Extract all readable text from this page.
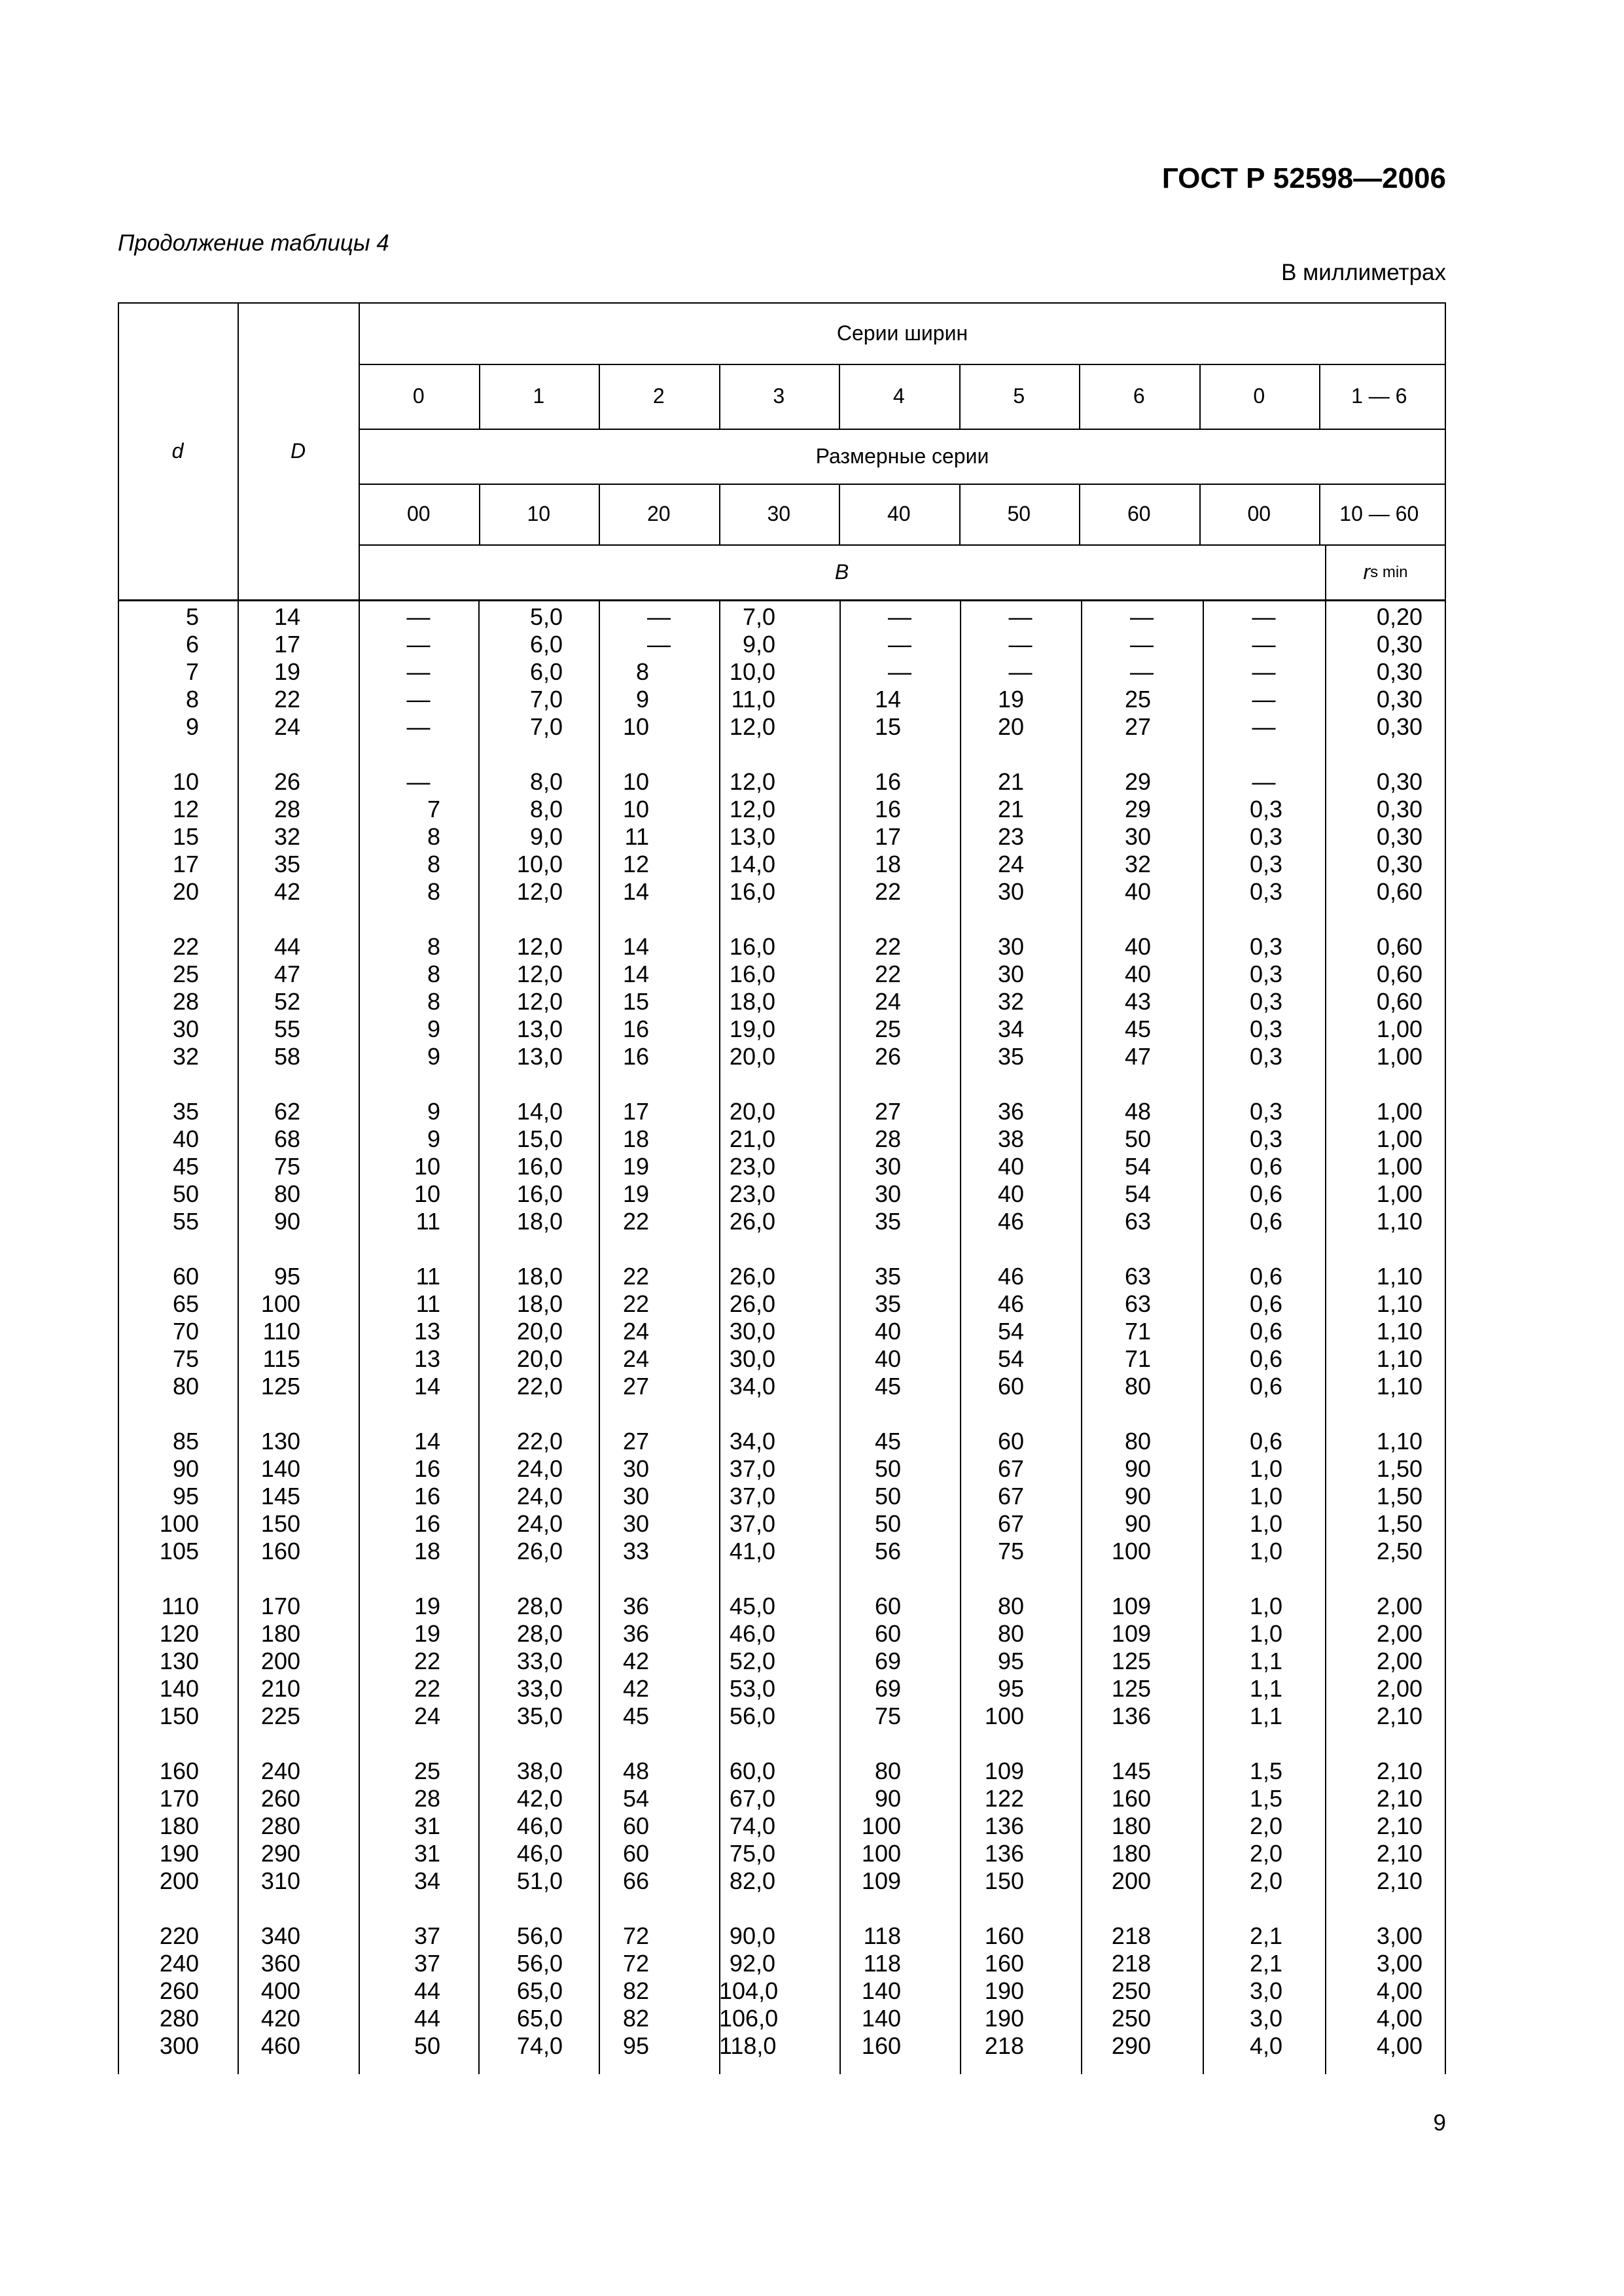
ГОСТ Р 52598—2006
Продолжение таблицы 4
В миллиметрах
d	D
Серии ширин
Размерные серии
B	r s min
0	1	2	3	4	5	6	0	1 — 6
00	10	20	30	40	50	60	00	10 — 60
5	14	—	5,0	—	7,0	—	—	—	—	0,20
6	17	—	6,0	—	9,0	—	—	—	—	0,30
7	19	—	6,0	8	10,0	—	—	—	—	0,30
8	22	—	7,0	9	11,0	14	19	25	—	0,30
9	24	—	7,0	10	12,0	15	20	27	—	0,30
10	26	—	8,0	10	12,0	16	21	29	—	0,30
12	28	7	8,0	10	12,0	16	21	29	0,3	0,30
15	32	8	9,0	11	13,0	17	23	30	0,3	0,30
17	35	8	10,0	12	14,0	18	24	32	0,3	0,30
20	42	8	12,0	14	16,0	22	30	40	0,3	0,60
22	44	8	12,0	14	16,0	22	30	40	0,3	0,60
25	47	8	12,0	14	16,0	22	30	40	0,3	0,60
28	52	8	12,0	15	18,0	24	32	43	0,3	0,60
30	55	9	13,0	16	19,0	25	34	45	0,3	1,00
32	58	9	13,0	16	20,0	26	35	47	0,3	1,00
35	62	9	14,0	17	20,0	27	36	48	0,3	1,00
40	68	9	15,0	18	21,0	28	38	50	0,3	1,00
45	75	10	16,0	19	23,0	30	40	54	0,6	1,00
50	80	10	16,0	19	23,0	30	40	54	0,6	1,00
55	90	11	18,0	22	26,0	35	46	63	0,6	1,10
60	95	11	18,0	22	26,0	35	46	63	0,6	1,10
65	100	11	18,0	22	26,0	35	46	63	0,6	1,10
70	110	13	20,0	24	30,0	40	54	71	0,6	1,10
75	115	13	20,0	24	30,0	40	54	71	0,6	1,10
80	125	14	22,0	27	34,0	45	60	80	0,6	1,10
85	130	14	22,0	27	34,0	45	60	80	0,6	1,10
90	140	16	24,0	30	37,0	50	67	90	1,0	1,50
95	145	16	24,0	30	37,0	50	67	90	1,0	1,50
100	150	16	24,0	30	37,0	50	67	90	1,0	1,50
105	160	18	26,0	33	41,0	56	75	100	1,0	2,50
110	170	19	28,0	36	45,0	60	80	109	1,0	2,00
120	180	19	28,0	36	46,0	60	80	109	1,0	2,00
130	200	22	33,0	42	52,0	69	95	125	1,1	2,00
140	210	22	33,0	42	53,0	69	95	125	1,1	2,00
150	225	24	35,0	45	56,0	75	100	136	1,1	2,10
160	240	25	38,0	48	60,0	80	109	145	1,5	2,10
170	260	28	42,0	54	67,0	90	122	160	1,5	2,10
180	280	31	46,0	60	74,0	100	136	180	2,0	2,10
190	290	31	46,0	60	75,0	100	136	180	2,0	2,10
200	310	34	51,0	66	82,0	109	150	200	2,0	2,10
220	340	37	56,0	72	90,0	118	160	218	2,1	3,00
240	360	37	56,0	72	92,0	118	160	218	2,1	3,00
260	400	44	65,0	82	104,0	140	190	250	3,0	4,00
280	420	44	65,0	82	106,0	140	190	250	3,0	4,00
300	460	50	74,0	95	118,0	160	218	290	4,0	4,00
9
